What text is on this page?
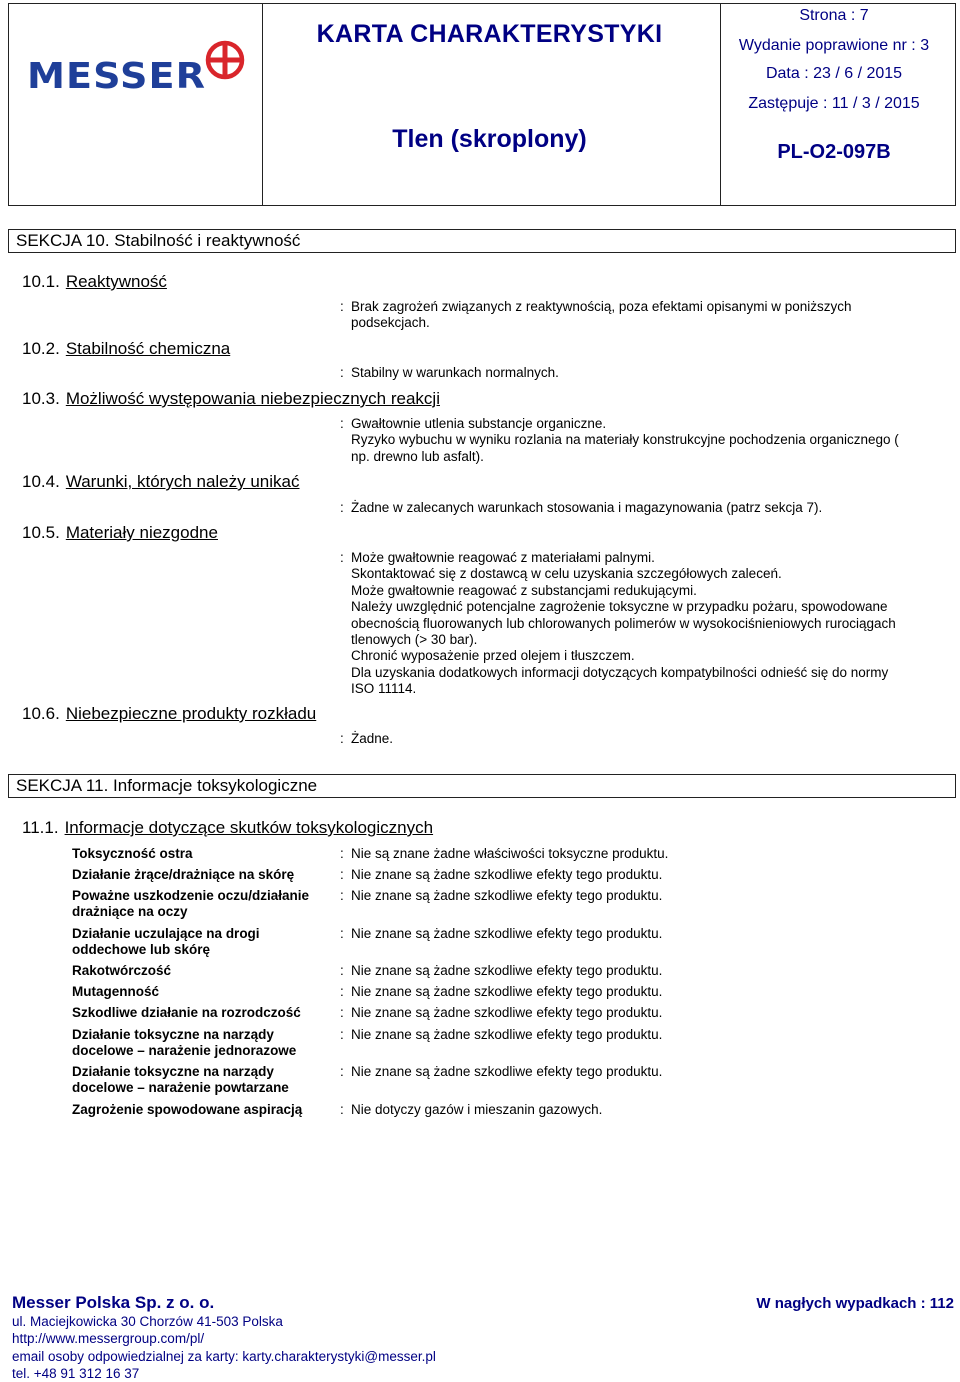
MESSER
KARTA CHARAKTERYSTYKI
Tlen (skroplony)
Strona : 7
Wydanie poprawione nr : 3
Data : 23 / 6 / 2015
Zastępuje : 11 / 3 / 2015
PL-O2-097B
SEKCJA 10. Stabilność i reaktywność
10.1. Reaktywność
: Brak zagrożeń związanych z reaktywnością, poza efektami opisanymi w poniższych
podsekcjach.
10.2. Stabilność chemiczna
: Stabilny w warunkach normalnych.
10.3. Możliwość występowania niebezpiecznych reakcji
: Gwałtownie utlenia substancje organiczne.
Ryzyko wybuchu w wyniku rozlania na materiały konstrukcyjne pochodzenia organicznego (
np. drewno lub asfalt).
10.4. Warunki, których należy unikać
: Żadne w zalecanych warunkach stosowania i magazynowania (patrz sekcja 7).
10.5. Materiały niezgodne
: Może gwałtownie reagować z materiałami palnymi.
Skontaktować się z dostawcą w celu uzyskania szczegółowych zaleceń.
Może gwałtownie reagować z substancjami redukującymi.
Należy uwzględnić potencjalne zagrożenie toksyczne w przypadku pożaru, spowodowane
obecnością fluorowanych lub chlorowanych polimerów w wysokociśnieniowych rurociągach
tlenowych (> 30 bar).
Chronić wyposażenie przed olejem i tłuszczem.
Dla uzyskania dodatkowych informacji dotyczących kompatybilności odnieść się do normy
ISO 11114.
10.6. Niebezpieczne produkty rozkładu
: Żadne.
SEKCJA 11. Informacje toksykologiczne
11.1. Informacje dotyczące skutków toksykologicznych
Toksyczność ostra	: Nie są znane żadne właściwości toksyczne produktu.
Działanie żrące/drażniące na skórę	: Nie znane są żadne szkodliwe efekty tego produktu.
Poważne uszkodzenie oczu/działanie
drażniące na oczy
: Nie znane są żadne szkodliwe efekty tego produktu.
Działanie uczulające na drogi
oddechowe lub skórę
: Nie znane są żadne szkodliwe efekty tego produktu.
Rakotwórczość	: Nie znane są żadne szkodliwe efekty tego produktu.
Mutagenność	: Nie znane są żadne szkodliwe efekty tego produktu.
Szkodliwe działanie na rozrodczość	: Nie znane są żadne szkodliwe efekty tego produktu.
Działanie toksyczne na narządy
docelowe – narażenie jednorazowe
: Nie znane są żadne szkodliwe efekty tego produktu.
Działanie toksyczne na narządy
docelowe – narażenie powtarzane
: Nie znane są żadne szkodliwe efekty tego produktu.
Zagrożenie spowodowane aspiracją	: Nie dotyczy gazów i mieszanin gazowych.
Messer Polska Sp. z o. o.
ul. Maciejkowicka 30 Chorzów 41-503 Polska
http://www.messergroup.com/pl/
email osoby odpowiedzialnej za karty: karty.charakterystyki@messer.pl
tel. +48 91 312 16 37
W nagłych wypadkach : 112
